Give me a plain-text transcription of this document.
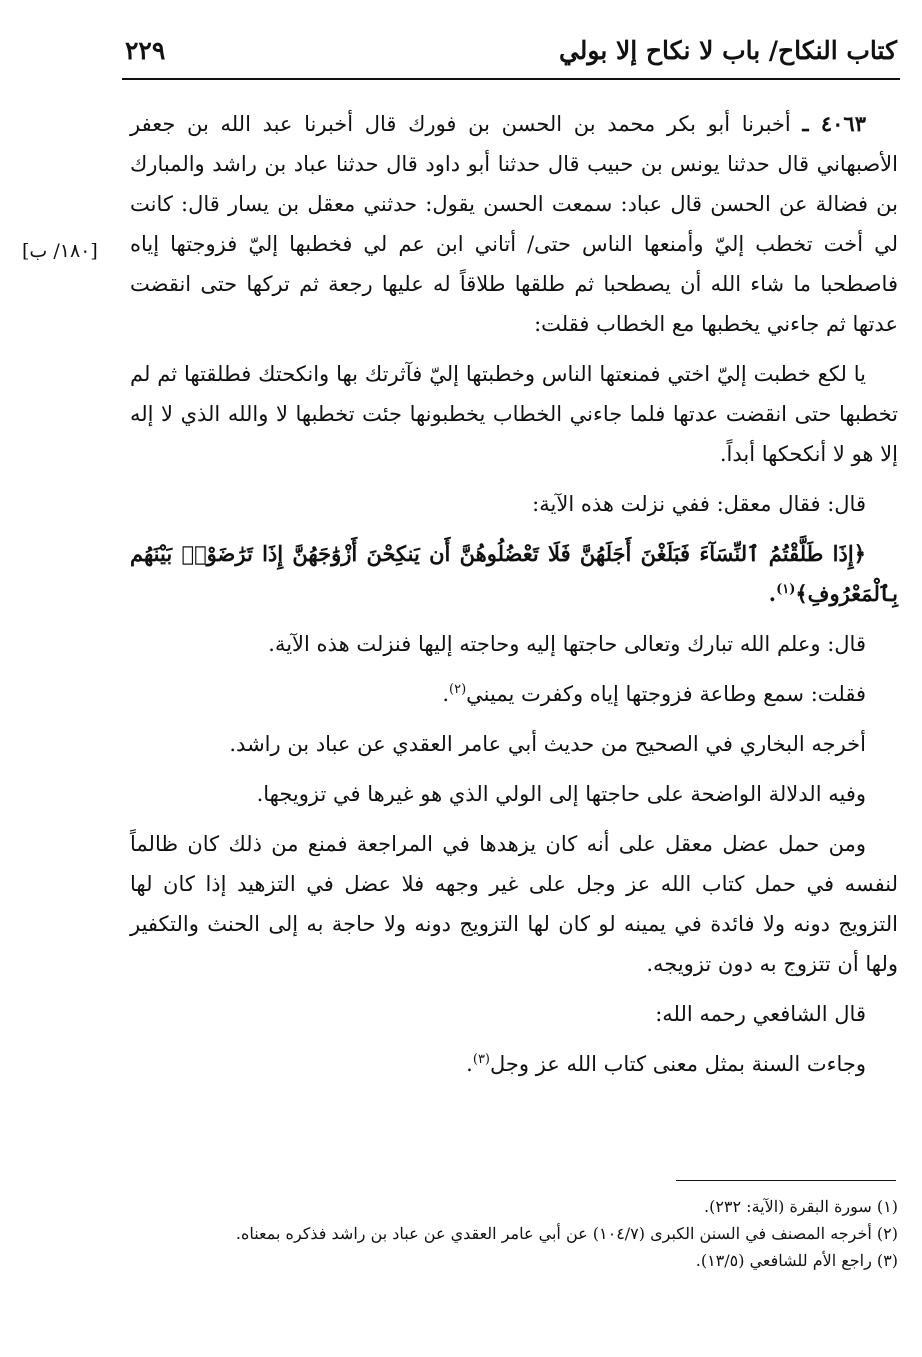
كتاب النكاح/ باب لا نكاح إلا بولي
٢٢٩
[١٨٠/ ب]

٤٠٦٣ ـ أخبرنا أبو بكر محمد بن الحسن بن فورك قال أخبرنا عبد الله بن جعفر الأصبهاني قال حدثنا يونس بن حبيب قال حدثنا أبو داود قال حدثنا عباد بن راشد والمبارك بن فضالة عن الحسن قال عباد: سمعت الحسن يقول: حدثني معقل بن يسار قال: كانت لي أخت تخطب إليّ وأمنعها الناس حتى/ أتاني ابن عم لي فخطبها إليّ فزوجتها إياه فاصطحبا ما شاء الله أن يصطحبا ثم طلقها طلاقاً له عليها رجعة ثم تركها حتى انقضت عدتها ثم جاءني يخطبها مع الخطاب فقلت:

يا لكع خطبت إليّ اختي فمنعتها الناس وخطبتها إليّ فآثرتك بها وانكحتك فطلقتها ثم لم تخطبها حتى انقضت عدتها فلما جاءني الخطاب يخطبونها جئت تخطبها لا والله الذي لا إله إلا هو لا أنكحكها أبداً.

قال: فقال معقل: ففي نزلت هذه الآية:

﴿إِذَا طَلَّقْتُمُ ٱلنِّسَآءَ فَبَلَغْنَ أَجَلَهُنَّ فَلَا تَعْضُلُوهُنَّ أَن يَنكِحْنَ أَزْوَٰجَهُنَّ إِذَا تَرَٰضَوْا۟ بَيْنَهُم بِٱلْمَعْرُوفِ﴾$^{(١)}$.

قال: وعلم الله تبارك وتعالى حاجتها إليه وحاجته إليها فنزلت هذه الآية.

فقلت: سمع وطاعة فزوجتها إياه وكفرت يميني$^{(٢)}$.

أخرجه البخاري في الصحيح من حديث أبي عامر العقدي عن عباد بن راشد.

وفيه الدلالة الواضحة على حاجتها إلى الولي الذي هو غيرها في تزويجها.

ومن حمل عضل معقل على أنه كان يزهدها في المراجعة فمنع من ذلك كان ظالماً لنفسه في حمل كتاب الله عز وجل على غير وجهه فلا عضل في التزهيد إذا كان لها التزويج دونه ولا فائدة في يمينه لو كان لها التزويج دونه ولا حاجة به إلى الحنث والتكفير ولها أن تتزوج به دون تزويجه.

قال الشافعي رحمه الله:

وجاءت السنة بمثل معنى كتاب الله عز وجل$^{(٣)}$.

(١) سورة البقرة (الآية: ٢٣٢).

(٢) أخرجه المصنف في السنن الكبرى (١٠٤/٧) عن أبي عامر العقدي عن عباد بن راشد فذكره بمعناه.

(٣) راجع الأم للشافعي (١٣/٥).
